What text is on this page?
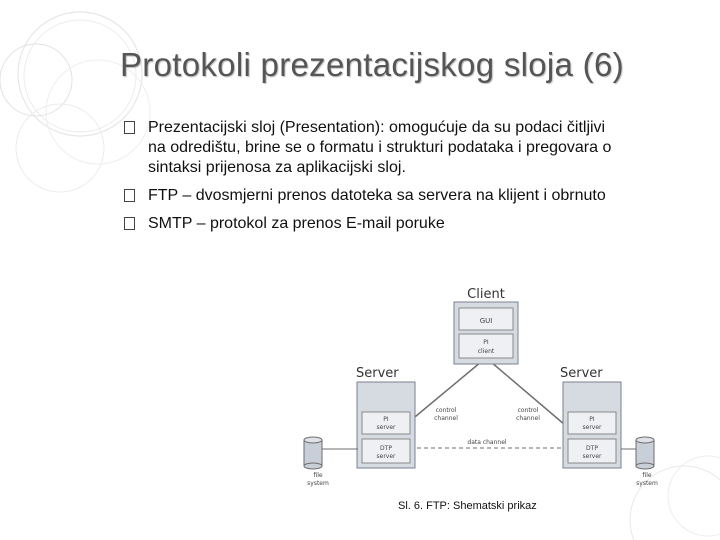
Protokoli prezentacijskog sloja (6)
Prezentacijski sloj (Presentation): omogućuje da su podaci čitljivi na odredištu, brine se o formatu i strukturi podataka i pregovara o sintaksi prijenosa za aplikacijski sloj.
FTP – dvosmjerni prenos datoteka sa servera na klijent i obrnuto
SMTP – protokol za prenos E-mail poruke
Client
GUI
PI
client
Server
PI
server
DTP
server
Server
PI
server
DTP
server
control
channel
control
channel
data channel
file
system
file
system
Sl. 6. FTP: Shematski prikaz
